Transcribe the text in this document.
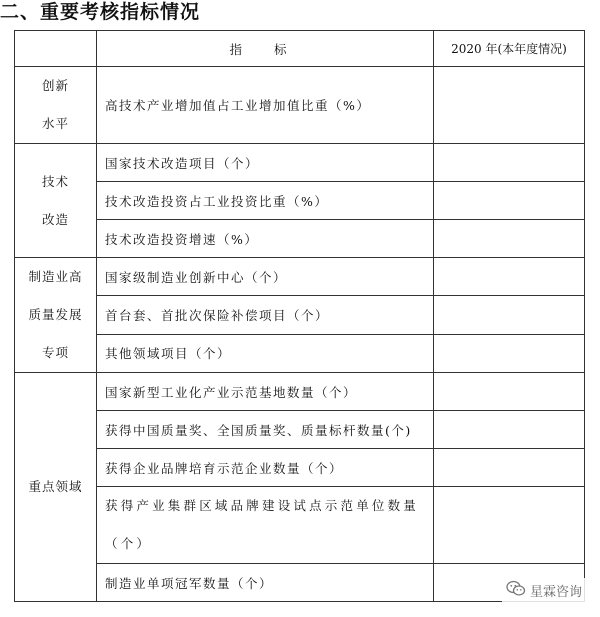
二、重要考核指标情况
	指 标	2020 年(本年度情况)

创新
水平	高技术产业增加值占工业增加值比重（%）	

技术
改造	国家技术改造项目（个）	
	技术改造投资占工业投资比重（%）	
	技术改造投资增速（%）	

制造业高
质量发展
专项	国家级制造业创新中心（个）	
	首台套、首批次保险补偿项目（个）	
	其他领域项目（个）	

重点领域	国家新型工业化产业示范基地数量（个）	
	获得中国质量奖、全国质量奖、质量标杆数量(个)	
	获得企业品牌培育示范企业数量（个）	
	获得产业集群区域品牌建设试点示范单位数量（个）	
	制造业单项冠军数量（个）	
星霖咨询
